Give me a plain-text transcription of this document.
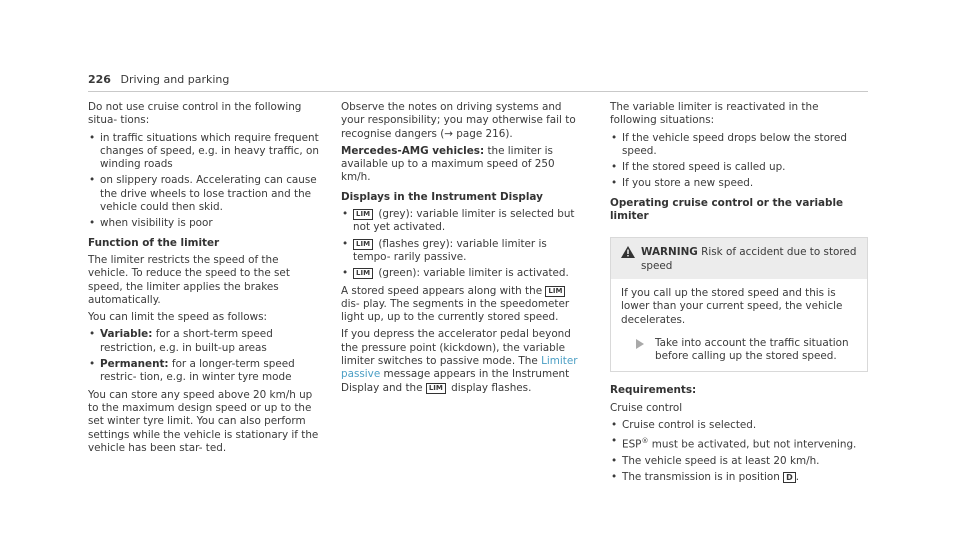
226 Driving and parking

Do not use cruise control in the following situa- tions:

• in traffic situations which require frequent changes of speed, e.g. in heavy traffic, on winding roads
• on slippery roads. Accelerating can cause the drive wheels to lose traction and the vehicle could then skid.
• when visibility is poor

Function of the limiter

The limiter restricts the speed of the vehicle. To reduce the speed to the set speed, the limiter applies the brakes automatically.

You can limit the speed as follows:

• Variable: for a short-term speed restriction, e.g. in built-up areas
• Permanent: for a longer-term speed restric- tion, e.g. in winter tyre mode

You can store any speed above 20 km/h up to the maximum design speed or up to the set winter tyre limit. You can also perform settings while the vehicle is stationary if the vehicle has been star- ted.

Observe the notes on driving systems and your responsibility; you may otherwise fail to recognise dangers (→ page 216).

Mercedes-AMG vehicles: the limiter is available up to a maximum speed of 250 km/h.

Displays in the Instrument Display

• LIM (grey): variable limiter is selected but not yet activated.
• LIM (flashes grey): variable limiter is tempo- rarily passive.
• LIM (green): variable limiter is activated.

A stored speed appears along with the LIMdis- play. The segments in the speedometer light up, up to the currently stored speed.

If you depress the accelerator pedal beyond the pressure point (kickdown), the variable limiter switches to passive mode. The Limiter passive message appears in the Instrument Display and the LIM display flashes.

The variable limiter is reactivated in the following situations:

• If the vehicle speed drops below the stored speed.
• If the stored speed is called up.
• If you store a new speed.

Operating cruise control or the variable limiter

WARNING Risk of accident due to stored speed
If you call up the stored speed and this is lower than your current speed, the vehicle decelerates.
Take into account the traffic situation before calling up the stored speed.

Requirements:

Cruise control

• Cruise control is selected.
• ESP® must be activated, but not intervening.
• The vehicle speed is at least 20 km/h.
• The transmission is in position D .
